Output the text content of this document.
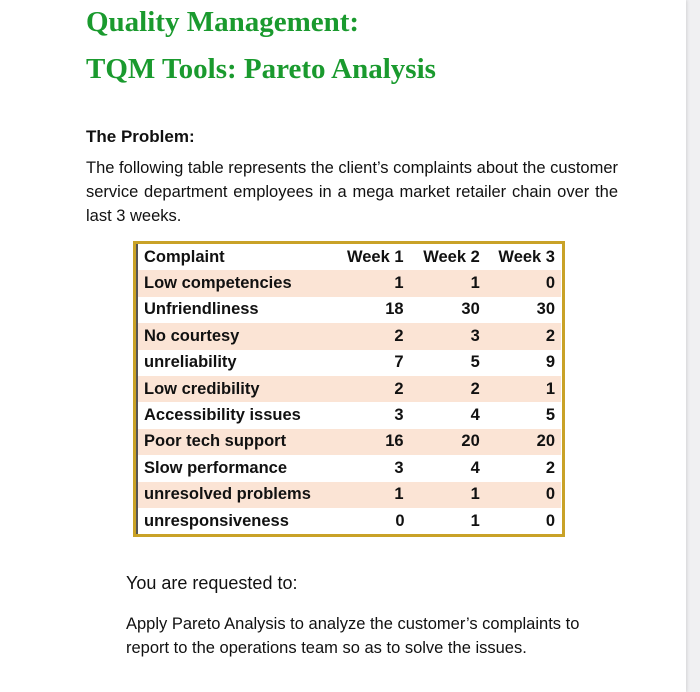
Quality Management:
TQM Tools: Pareto Analysis
The Problem:

The following table represents the client’s complaints about the customer service department employees in a mega market retailer chain over the last 3 weeks.

Complaint	Week 1	Week 2	Week 3
Low competencies	1	1	0
Unfriendliness	18	30	30
No courtesy	2	3	2
unreliability	7	5	9
Low credibility	2	2	1
Accessibility issues	3	4	5
Poor tech support	16	20	20
Slow performance	3	4	2
unresolved problems	1	1	0
unresponsiveness	0	1	0

You are requested to:

Apply Pareto Analysis to analyze the customer’s complaints to report to the operations team so as to solve the issues.
